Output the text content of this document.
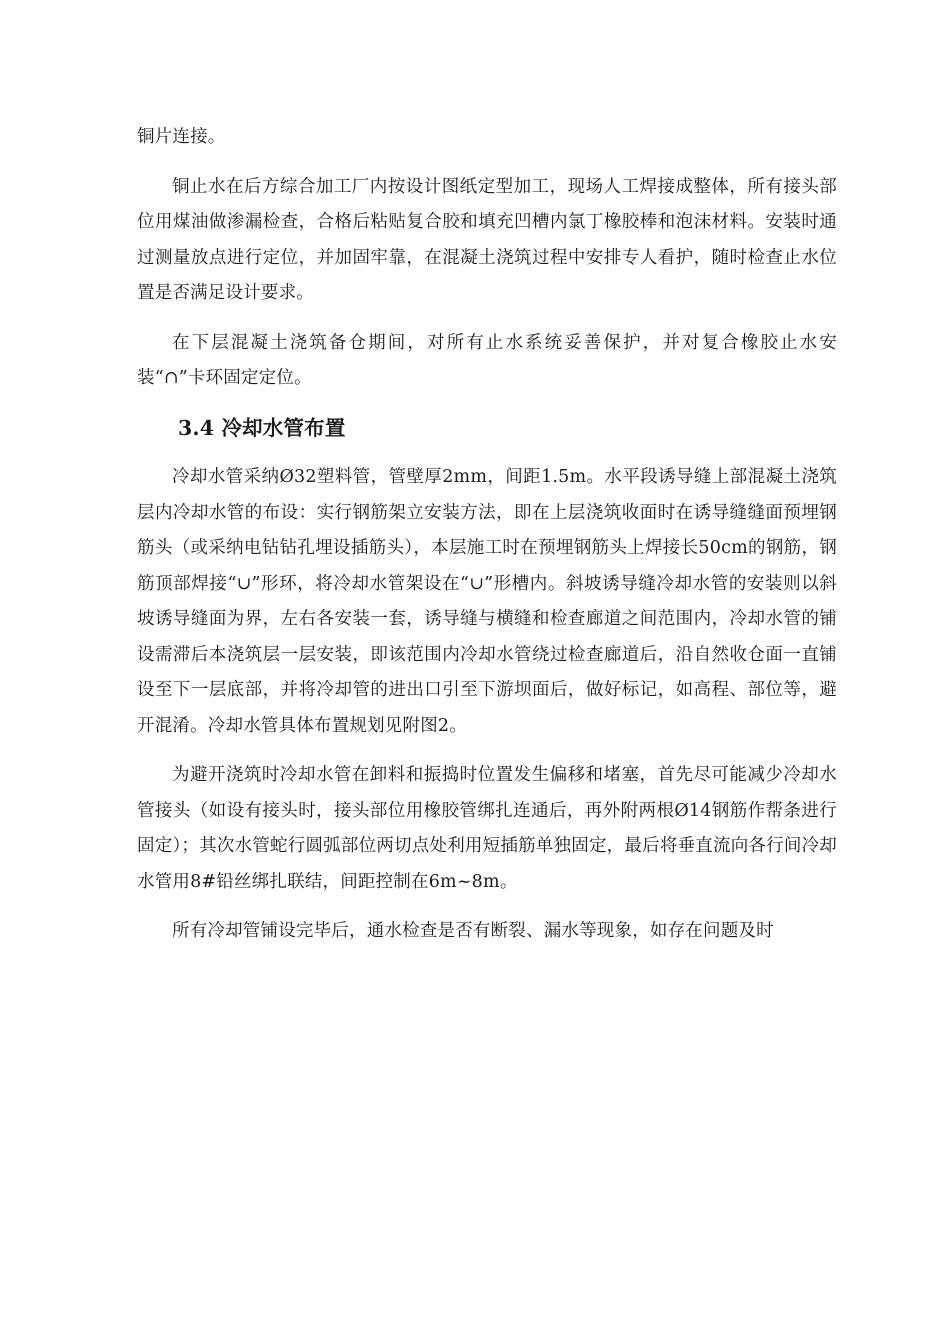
铜片连接。

铜止水在后方综合加工厂内按设计图纸定型加工，现场人工焊接成整体，所有接头部位用煤油做渗漏检查，合格后粘贴复合胶和填充凹槽内氯丁橡胶棒和泡沫材料。安装时通过测量放点进行定位，并加固牢靠，在混凝土浇筑过程中安排专人看护，随时检查止水位置是否满足设计要求。

在下层混凝土浇筑备仓期间，对所有止水系统妥善保护，并对复合橡胶止水安装“∩”卡环固定定位。

3.4 冷却水管布置

冷却水管采纳Ø32塑料管，管壁厚2mm，间距1.5m。水平段诱导缝上部混凝土浇筑层内冷却水管的布设：实行钢筋架立安装方法，即在上层浇筑收面时在诱导缝缝面预埋钢筋头（或采纳电钻钻孔埋设插筋头），本层施工时在预埋钢筋头上焊接长50cm的钢筋，钢筋顶部焊接“∪”形环，将冷却水管架设在“∪”形槽内。斜坡诱导缝冷却水管的安装则以斜坡诱导缝面为界，左右各安装一套，诱导缝与横缝和检查廊道之间范围内，冷却水管的铺设需滞后本浇筑层一层安装，即该范围内冷却水管绕过检查廊道后，沿自然收仓面一直铺设至下一层底部，并将冷却管的进出口引至下游坝面后，做好标记，如高程、部位等，避开混淆。冷却水管具体布置规划见附图2。

为避开浇筑时冷却水管在卸料和振捣时位置发生偏移和堵塞，首先尽可能减少冷却水管接头（如设有接头时，接头部位用橡胶管绑扎连通后，再外附两根Ø14钢筋作帮条进行固定）；其次水管蛇行圆弧部位两切点处利用短插筋单独固定，最后将垂直流向各行间冷却水管用8#铅丝绑扎联结，间距控制在6m~8m。

所有冷却管铺设完毕后，通水检查是否有断裂、漏水等现象，如存在问题及时
